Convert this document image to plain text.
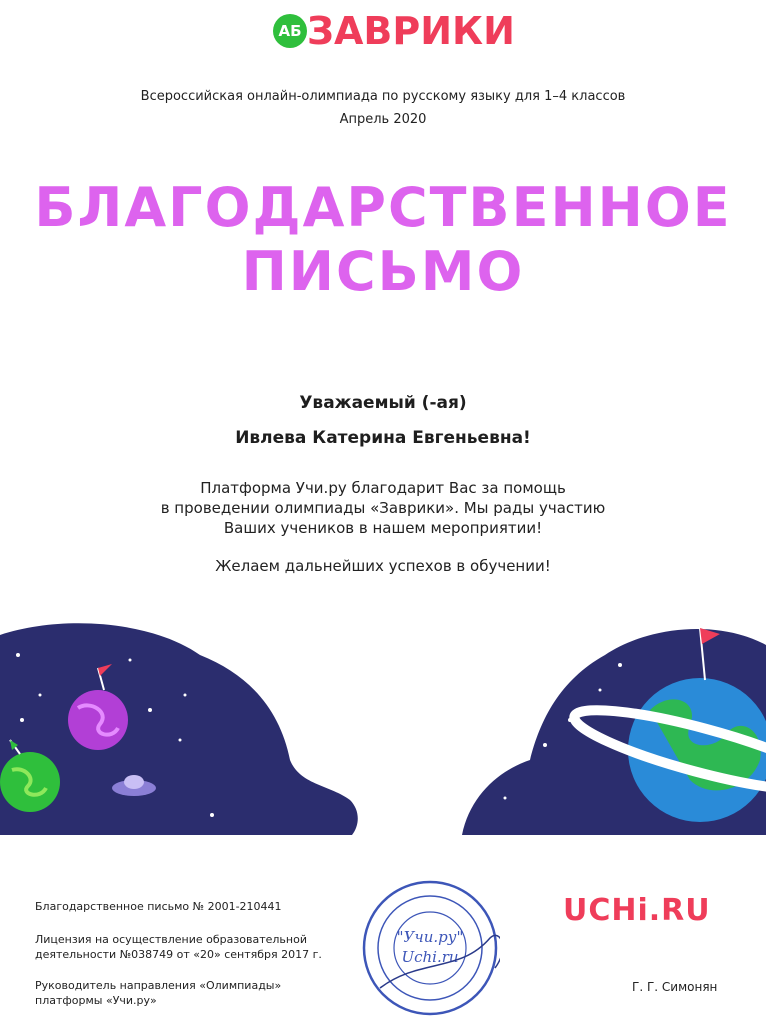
АБ ЗАВРИКИ
Всероссийская онлайн-олимпиада по русскому языку для 1–4 классов
Апрель 2020
БЛАГОДАРСТВЕННОЕ
ПИСЬМО
Уважаемый (-ая)
Ивлева Катерина Евгеньевна!
Платформа Учи.ру благодарит Вас за помощь
в проведении олимпиады «Заврики». Мы рады участию
Ваших учеников в нашем мероприятии!
Желаем дальнейших успехов в обучении!
Благодарственное письмо № 2001-210441
Лицензия на осуществление образовательной
деятельности №038749 от «20» сентября 2017 г.
Руководитель направления «Олимпиады»
платформы «Учи.ру»
"Учи.ру"
Uchi.ru
UCHi.RU
Г. Г. Симонян
